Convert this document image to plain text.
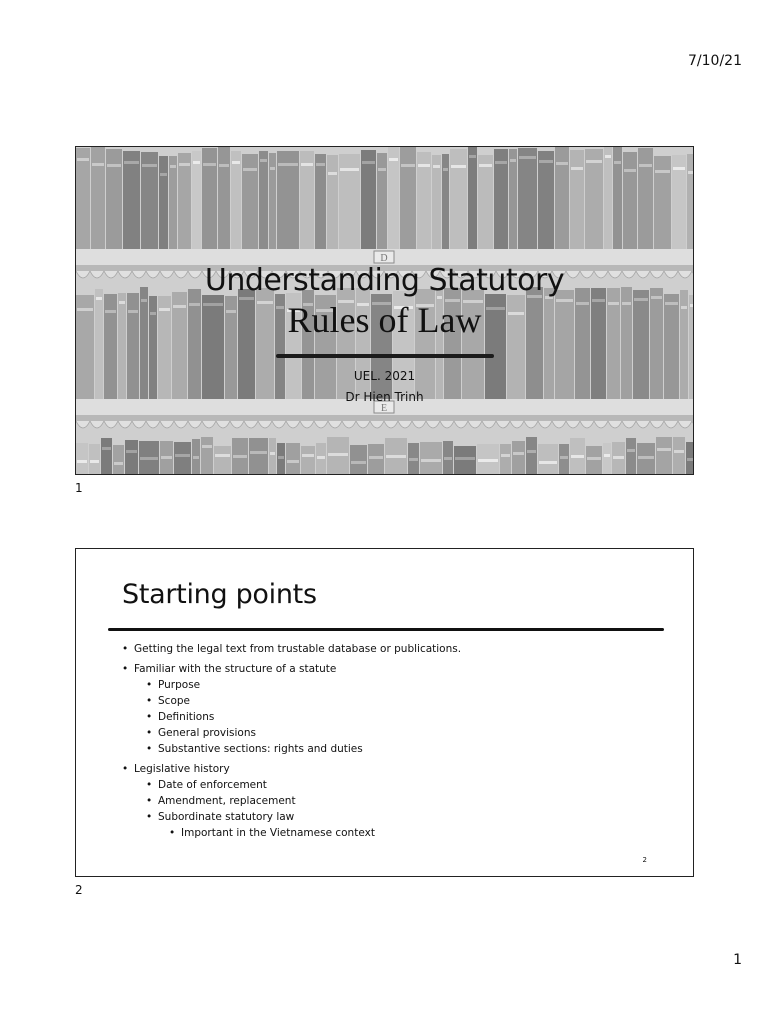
7/10/21
D
E
Understanding Statutory
Rules of Law
UEL. 2021
Dr Hien Trinh
1
Starting points
• Getting the legal text from trustable database or publications.
• Familiar with the structure of a statute
• Purpose
• Scope
• Definitions
• General provisions
• Substantive sections: rights and duties
• Legislative history
• Date of enforcement
• Amendment, replacement
• Subordinate statutory law
• Important in the Vietnamese context
2
2
1
